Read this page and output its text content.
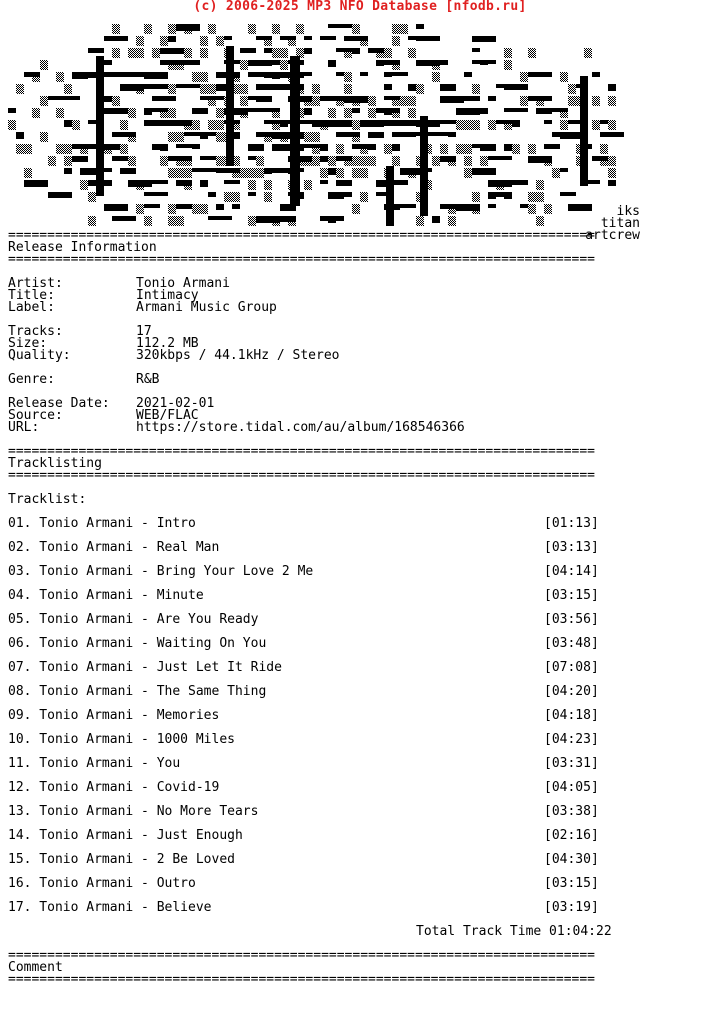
(c) 2006-2025 MP3 NFO Database [nfodb.ru]
iks
titan
artcrew
===========================================================================
Release Information
===========================================================================
Artist:	Tonio Armani
Title:	Intimacy
Label:	Armani Music Group
Tracks:	17
Size:	112.2 MB
Quality:	320kbps / 44.1kHz / Stereo
Genre:	R&B
Release Date:	2021-02-01
Source:	WEB/FLAC
URL:	https://store.tidal.com/au/album/168546366
===========================================================================
Tracklisting
===========================================================================
Tracklist:
01. Tonio Armani - Intro	[01:13]
02. Tonio Armani - Real Man	[03:13]
03. Tonio Armani - Bring Your Love 2 Me	[04:14]
04. Tonio Armani - Minute	[03:15]
05. Tonio Armani - Are You Ready	[03:56]
06. Tonio Armani - Waiting On You	[03:48]
07. Tonio Armani - Just Let It Ride	[07:08]
08. Tonio Armani - The Same Thing	[04:20]
09. Tonio Armani - Memories	[04:18]
10. Tonio Armani - 1000 Miles	[04:23]
11. Tonio Armani - You	[03:31]
12. Tonio Armani - Covid-19	[04:05]
13. Tonio Armani - No More Tears	[03:38]
14. Tonio Armani - Just Enough	[02:16]
15. Tonio Armani - 2 Be Loved	[04:30]
16. Tonio Armani - Outro	[03:15]
17. Tonio Armani - Believe	[03:19]
Total Track Time 01:04:22
===========================================================================
Comment
===========================================================================
